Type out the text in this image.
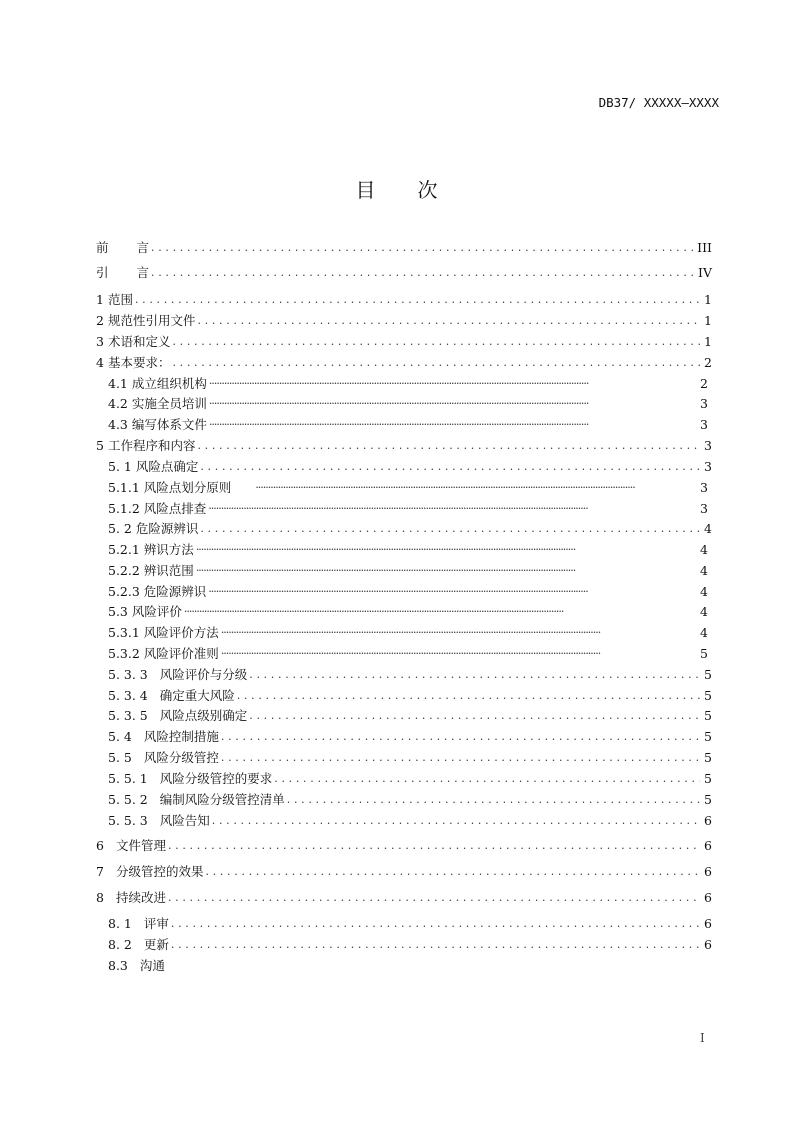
DB37/ XXXXX—XXXX
目 次
前 言 . . .	III
引 言 . . .	IV
1 范围 . . .	1
2 规范性引用文件 . . .	1
3 术语和定义 . . .	1
4 基本要求： . . .	2
4.1 成立组织机构 ·····	2
4.2 实施全员培训 ·····	3
4.3 编写体系文件 ·····	3
5 工作程序和内容 . . .	3
5. 1 风险点确定 . . .	3
5.1.1 风险点划分原则 ·····	3
5.1.2 风险点排查 ·····	3
5. 2 危险源辨识 . . .	4
5.2.1 辨识方法 ·····	4
5.2.2 辨识范围 ·····	4
5.2.3 危险源辨识 ·····	4
5.3 风险评价 ·····	4
5.3.1 风险评价方法 ·····	4
5.3.2 风险评价准则 ·····	5
5. 3. 3 风险评价与分级 . . .	5
5. 3. 4 确定重大风险 . . .	5
5. 3. 5 风险点级别确定 . . .	5
5. 4 风险控制措施 . . .	5
5. 5 风险分级管控 . . .	5
5. 5. 1 风险分级管控的要求 . . .	5
5. 5. 2 编制风险分级管控清单 . . .	5
5. 5. 3 风险告知 . . .	6
6 文件管理 . . .	6
7 分级管控的效果 . . .	6
8 持续改进 . . .	6
8. 1 评审 . . .	6
8. 2 更新 . . .	6
8.3 沟通
I
